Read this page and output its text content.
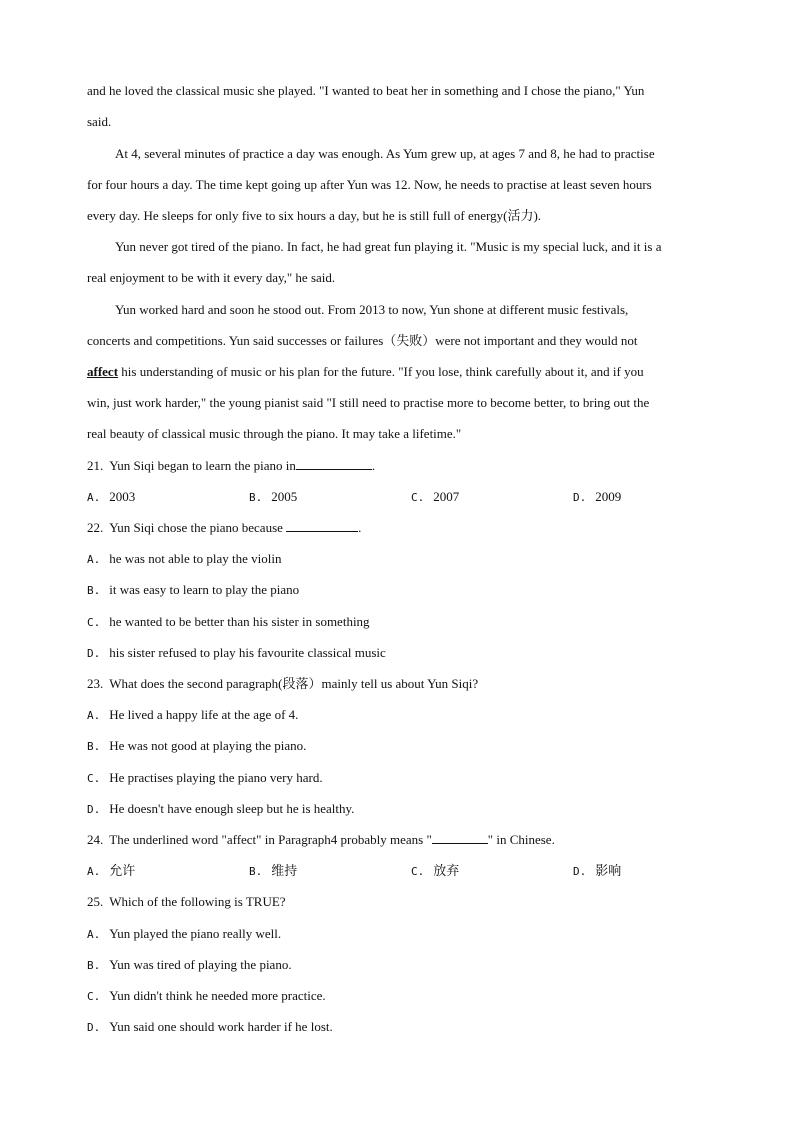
and he loved the classical music she played. "I wanted to beat her in something and I chose the piano," Yun
said.
At 4, several minutes of practice a day was enough. As Yum grew up, at ages 7 and 8, he had to practise
for four hours a day. The time kept going up after Yun was 12. Now, he needs to practise at least seven hours
every day. He sleeps for only five to six hours a day, but he is still full of energy(活力).
Yun never got tired of the piano. In fact, he had great fun playing it. "Music is my special luck, and it is a
real enjoyment to be with it every day," he said.
Yun worked hard and soon he stood out. From 2013 to now, Yun shone at different music festivals,
concerts and competitions. Yun said successes or failures（失败）were not important and they would not
affect his understanding of music or his plan for the future. "If you lose, think carefully about it, and if you
win, just work harder," the young pianist said "I still need to practise more to become better, to bring out the
real beauty of classical music through the piano. It may take a lifetime."
21. Yun Siqi began to learn the piano in	.
A. 2003	B. 2005	C. 2007	D. 2009
22. Yun Siqi chose the piano because	.
A. he was not able to play the violin
B. it was easy to learn to play the piano
C. he wanted to be better than his sister in something
D. his sister refused to play his favourite classical music
23. What does the second paragraph(段落）mainly tell us about Yun Siqi?
A. He lived a happy life at the age of 4.
B. He was not good at playing the piano.
C. He practises playing the piano very hard.
D. He doesn't have enough sleep but he is healthy.
24. The underlined word "affect" in Paragraph4 probably means "	" in Chinese.
A. 允许	B. 维持	C. 放弃	D. 影响
25. Which of the following is TRUE?
A. Yun played the piano really well.
B. Yun was tired of playing the piano.
C. Yun didn't think he needed more practice.
D. Yun said one should work harder if he lost.
